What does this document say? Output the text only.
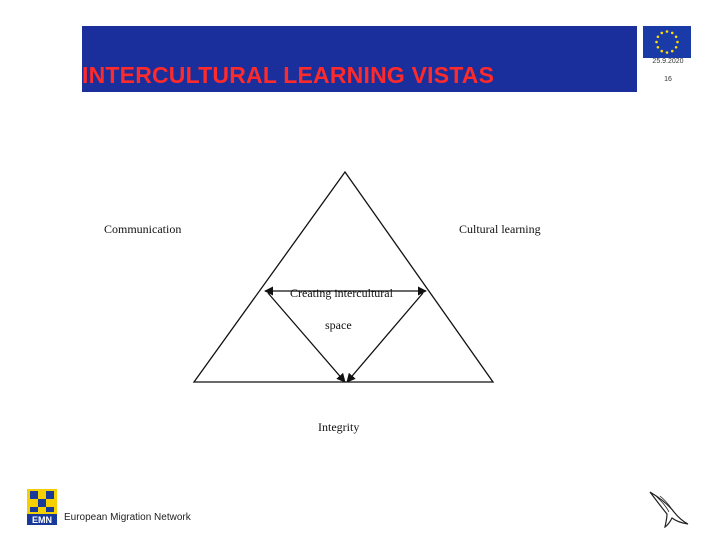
INTERCULTURAL LEARNING VISTAS
25.9.2020
16
Communication	Cultural learning
Creating intercultural
space
Integrity
EMN European Migration Network
